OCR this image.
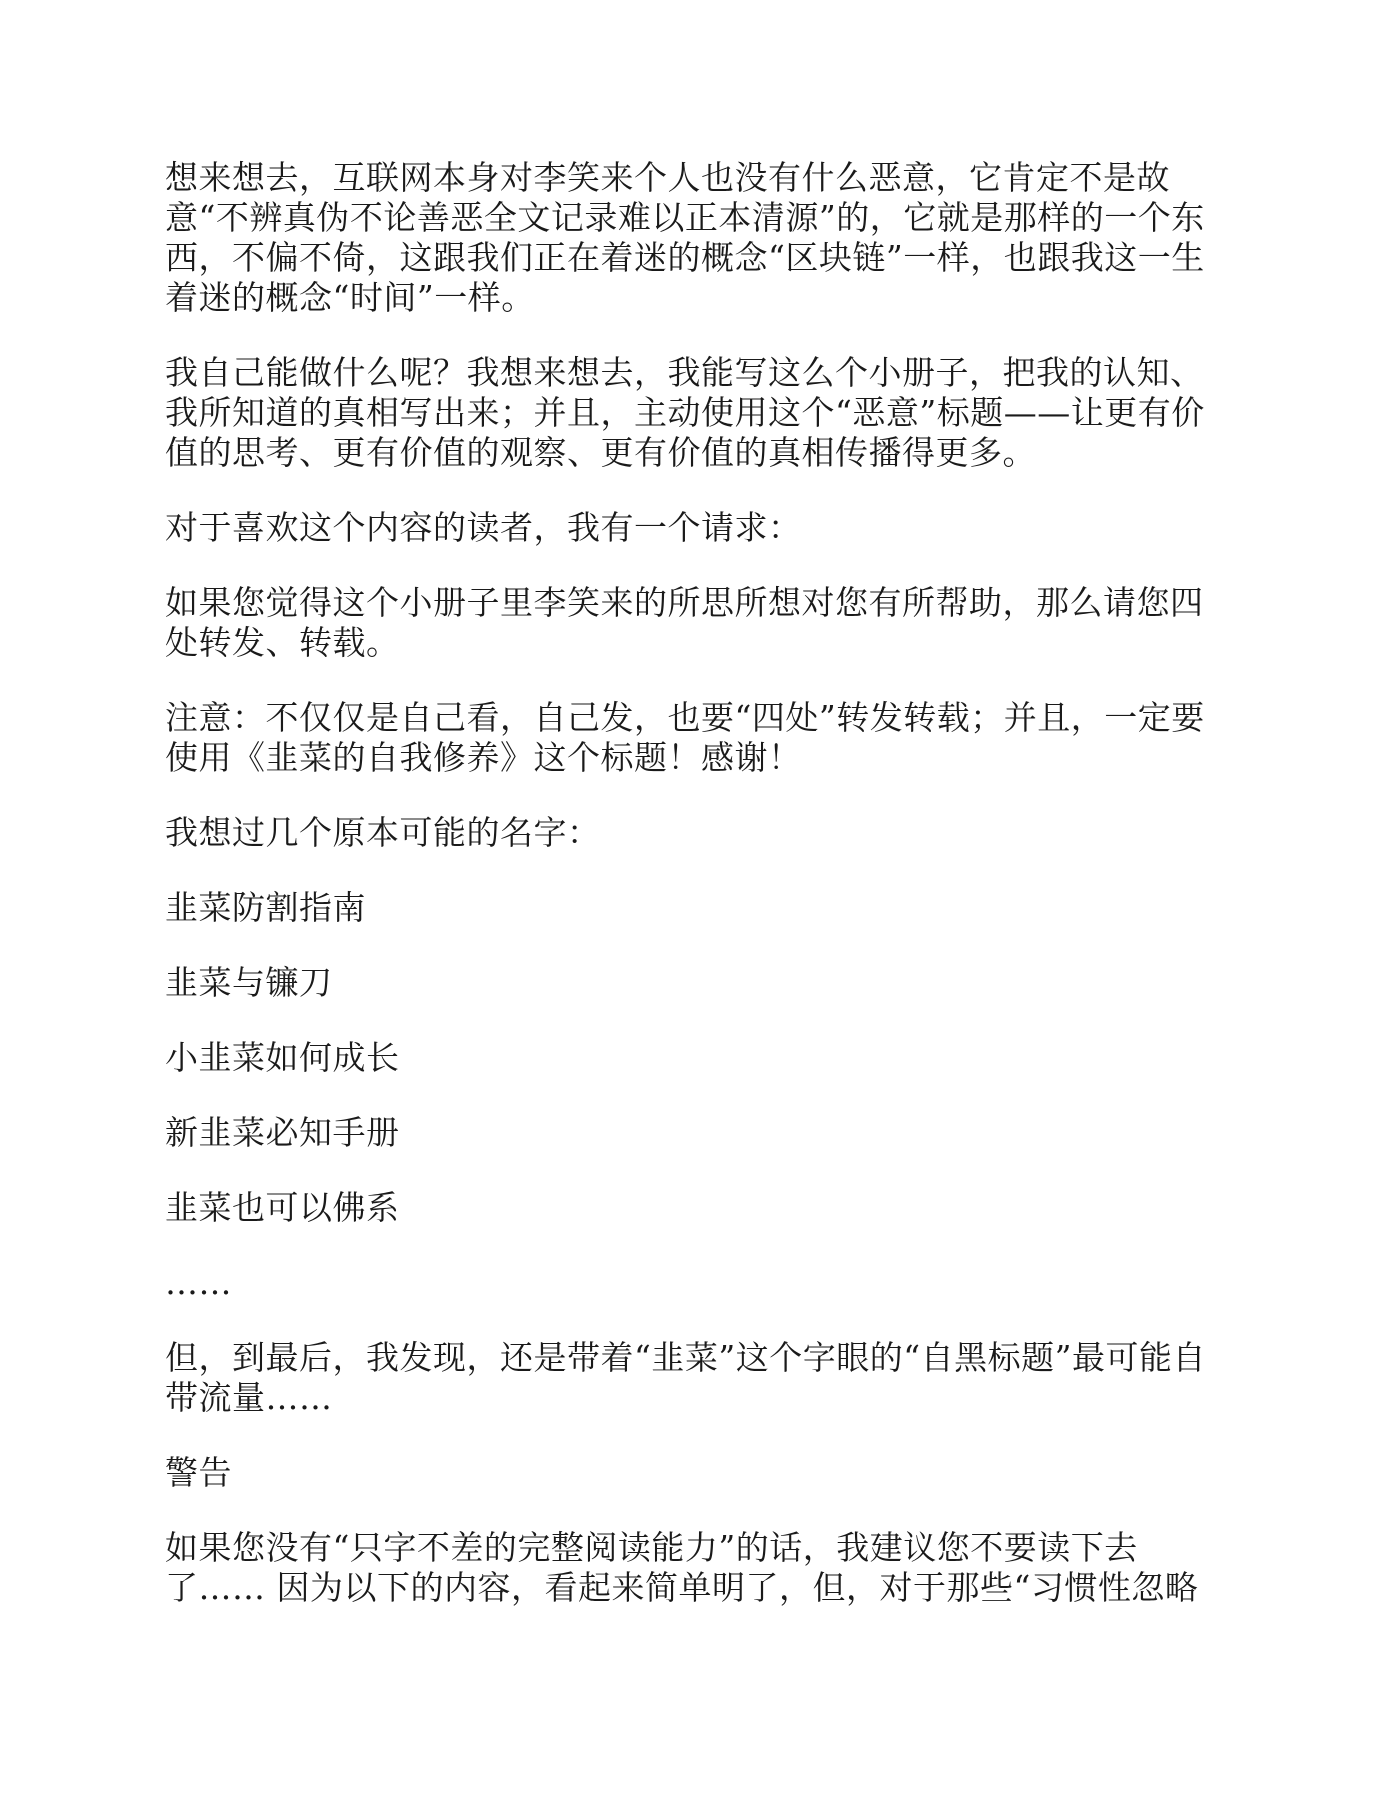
想来想去，互联网本身对李笑来个人也没有什么恶意，它肯定不是故
意“不辨真伪不论善恶全文记录难以正本清源”的，它就是那样的一个东
西，不偏不倚，这跟我们正在着迷的概念“区块链”一样，也跟我这一生
着迷的概念“时间”一样。

我自己能做什么呢？我想来想去，我能写这么个小册子，把我的认知、
我所知道的真相写出来；并且，主动使用这个“恶意”标题——让更有价
值的思考、更有价值的观察、更有价值的真相传播得更多。

对于喜欢这个内容的读者，我有一个请求：

如果您觉得这个小册子里李笑来的所思所想对您有所帮助，那么请您四
处转发、转载。

注意：不仅仅是自己看，自己发，也要“四处”转发转载；并且，一定要
使用《韭菜的自我修养》这个标题！感谢！

我想过几个原本可能的名字：

韭菜防割指南

韭菜与镰刀

小韭菜如何成长

新韭菜必知手册

韭菜也可以佛系

……

但，到最后，我发现，还是带着“韭菜”这个字眼的“自黑标题”最可能自
带流量……

警告

如果您没有“只字不差的完整阅读能力”的话，我建议您不要读下去
了…… 因为以下的内容，看起来简单明了，但，对于那些“习惯性忽略
